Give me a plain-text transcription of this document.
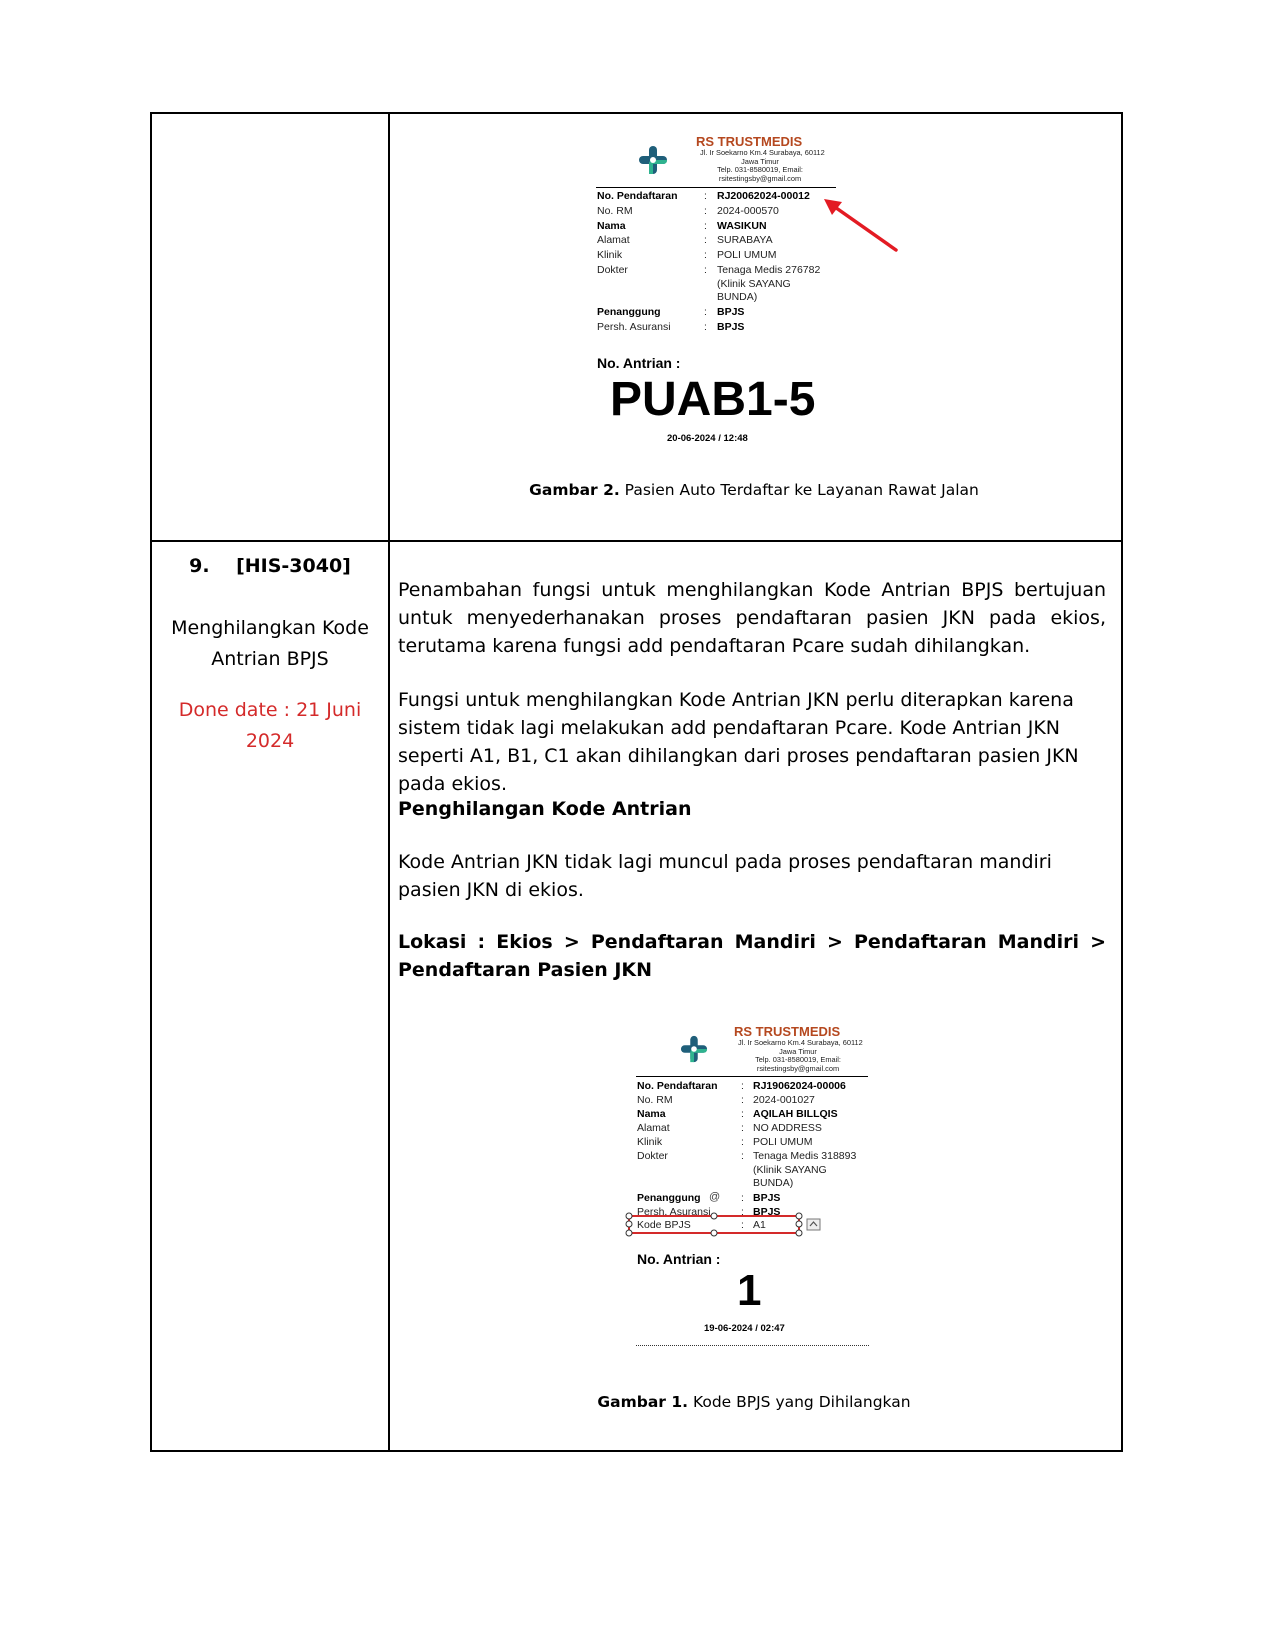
RS TRUSTMEDIS
Jl. Ir Soekarno Km.4 Surabaya, 60112
Jawa Timur
Telp. 031-8580019, Email:
rsitestingsby@gmail.com
No. Pendaftaran	: RJ20062024-00012
No. RM	: 2024-000570
Nama	: WASIKUN
Alamat	: SURABAYA
Klinik	: POLI UMUM
Dokter	: Tenaga Medis 276782
(Klinik SAYANG
BUNDA)
Penanggung	: BPJS
Persh. Asuransi	: BPJS
No. Antrian :
PUAB1-5
20-06-2024 / 12:48
Gambar 2. Pasien Auto Terdaftar ke Layanan Rawat Jalan
9. [HIS-3040]
Menghilangkan Kode
Antrian BPJS
Done date : 21 Juni
2024
Penambahan fungsi untuk menghilangkan Kode Antrian BPJS bertujuan untuk menyederhanakan proses pendaftaran pasien JKN pada ekios, terutama karena fungsi add pendaftaran Pcare sudah dihilangkan.
Fungsi untuk menghilangkan Kode Antrian JKN perlu diterapkan karena sistem tidak lagi melakukan add pendaftaran Pcare. Kode Antrian JKN seperti A1, B1, C1 akan dihilangkan dari proses pendaftaran pasien JKN pada ekios.
Penghilangan Kode Antrian
Kode Antrian JKN tidak lagi muncul pada proses pendaftaran mandiri pasien JKN di ekios.
Lokasi : Ekios > Pendaftaran Mandiri > Pendaftaran Mandiri > Pendaftaran Pasien JKN
RS TRUSTMEDIS
Jl. Ir Soekarno Km.4 Surabaya, 60112
Jawa Timur
Telp. 031-8580019, Email:
rsitestingsby@gmail.com
No. Pendaftaran : RJ19062024-00006
No. RM	: 2024-001027
Nama	: AQILAH BILLQIS
Alamat	: NO ADDRESS
Klinik	: POLI UMUM
Dokter	: Tenaga Medis 318893
(Klinik SAYANG
BUNDA)
Penanggung	: BPJS
@
Persh. Asuransi	: BPJS
Kode BPJS	: A1
No. Antrian :
1
19-06-2024 / 02:47
Gambar 1. Kode BPJS yang Dihilangkan
